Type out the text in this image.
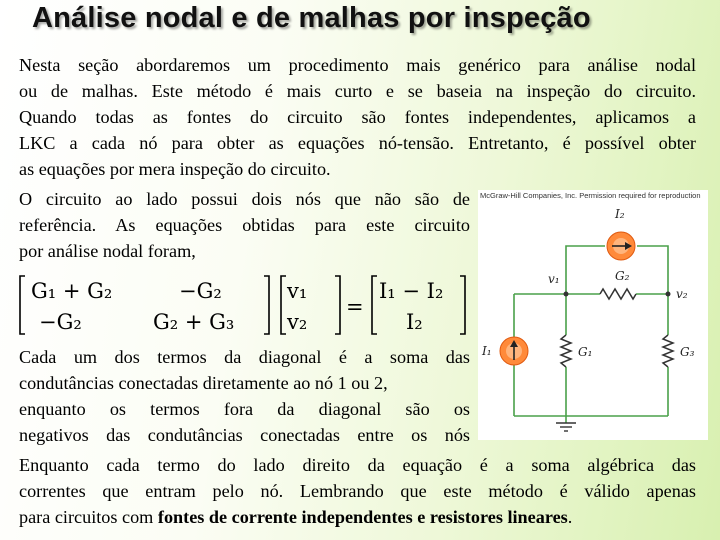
Análise nodal e de malhas por inspeção
Nesta seção abordaremos um procedimento mais genérico para análise nodal
ou de malhas. Este método é mais curto e se baseia na inspeção do circuito.
Quando todas as fontes do circuito são fontes independentes, aplicamos a
LKC a cada nó para obter as equações nó-tensão. Entretanto, é possível obter
as equações por mera inspeção do circuito.
O circuito ao lado possui dois nós que não são de
referência. As equações obtidas para este circuito
por análise nodal foram,
G₁ + G₂	−G₂
−G₂	G₂ + G₃
v₁
v₂
=
I₁ − I₂
I₂
McGraw-Hill Companies, Inc. Permission required for reproduction
I₂
I₁
G₂
G₁	G₃
v₁
v₂
Cada um dos termos da diagonal é a soma das
condutâncias conectadas diretamente ao nó 1 ou 2,
enquanto os termos fora da diagonal são os
negativos das condutâncias conectadas entre os nós
Enquanto cada termo do lado direito da equação é a soma algébrica das
correntes que entram pelo nó. Lembrando que este método é válido apenas
para circuitos com fontes de corrente independentes e resistores lineares.
